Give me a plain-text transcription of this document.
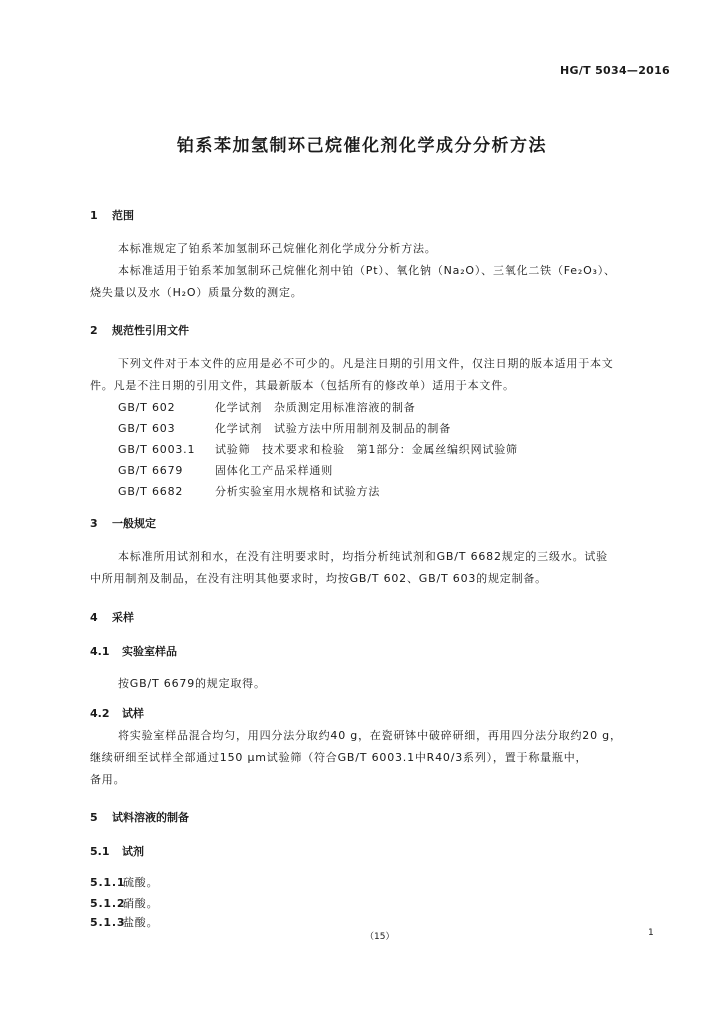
HG/T 5034—2016
铂系苯加氢制环己烷催化剂化学成分分析方法
1 范围
本标准规定了铂系苯加氢制环己烷催化剂化学成分分析方法。
本标准适用于铂系苯加氢制环己烷催化剂中铂（Pt）、氧化钠（Na₂O）、三氧化二铁（Fe₂O₃）、
烧失量以及水（H₂O）质量分数的测定。
2 规范性引用文件
下列文件对于本文件的应用是必不可少的。凡是注日期的引用文件，仅注日期的版本适用于本文
件。凡是不注日期的引用文件，其最新版本（包括所有的修改单）适用于本文件。
GB/T 602	化学试剂　杂质测定用标准溶液的制备
GB/T 603	化学试剂　试验方法中所用制剂及制品的制备
GB/T 6003.1 试验筛　技术要求和检验　第1部分：金属丝编织网试验筛
GB/T 6679	固体化工产品采样通则
GB/T 6682	分析实验室用水规格和试验方法
3 一般规定
本标准所用试剂和水，在没有注明要求时，均指分析纯试剂和GB/T 6682规定的三级水。试验
中所用制剂及制品，在没有注明其他要求时，均按GB/T 602、GB/T 603的规定制备。
4 采样
4.1 实验室样品
按GB/T 6679的规定取得。
4.2 试样
将实验室样品混合均匀，用四分法分取约40 g，在瓷研钵中破碎研细，再用四分法分取约20 g，
继续研细至试样全部通过150 μm试验筛（符合GB/T 6003.1中R40/3系列），置于称量瓶中，
备用。
5 试料溶液的制备
5.1 试剂
5.1.1硫酸。
5.1.2硝酸。
5.1.3盐酸。
（15）	1
